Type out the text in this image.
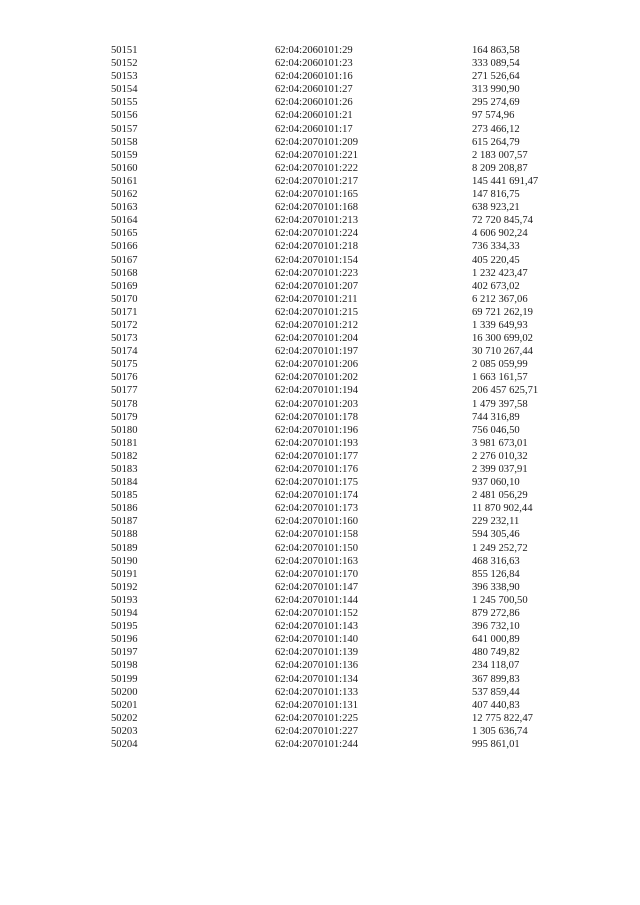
50151	62:04:2060101:29	164 863,58
50152	62:04:2060101:23	333 089,54
50153	62:04:2060101:16	271 526,64
50154	62:04:2060101:27	313 990,90
50155	62:04:2060101:26	295 274,69
50156	62:04:2060101:21	97 574,96
50157	62:04:2060101:17	273 466,12
50158	62:04:2070101:209	615 264,79
50159	62:04:2070101:221	2 183 007,57
50160	62:04:2070101:222	8 209 208,87
50161	62:04:2070101:217	145 441 691,47
50162	62:04:2070101:165	147 816,75
50163	62:04:2070101:168	638 923,21
50164	62:04:2070101:213	72 720 845,74
50165	62:04:2070101:224	4 606 902,24
50166	62:04:2070101:218	736 334,33
50167	62:04:2070101:154	405 220,45
50168	62:04:2070101:223	1 232 423,47
50169	62:04:2070101:207	402 673,02
50170	62:04:2070101:211	6 212 367,06
50171	62:04:2070101:215	69 721 262,19
50172	62:04:2070101:212	1 339 649,93
50173	62:04:2070101:204	16 300 699,02
50174	62:04:2070101:197	30 710 267,44
50175	62:04:2070101:206	2 085 059,99
50176	62:04:2070101:202	1 663 161,57
50177	62:04:2070101:194	206 457 625,71
50178	62:04:2070101:203	1 479 397,58
50179	62:04:2070101:178	744 316,89
50180	62:04:2070101:196	756 046,50
50181	62:04:2070101:193	3 981 673,01
50182	62:04:2070101:177	2 276 010,32
50183	62:04:2070101:176	2 399 037,91
50184	62:04:2070101:175	937 060,10
50185	62:04:2070101:174	2 481 056,29
50186	62:04:2070101:173	11 870 902,44
50187	62:04:2070101:160	229 232,11
50188	62:04:2070101:158	594 305,46
50189	62:04:2070101:150	1 249 252,72
50190	62:04:2070101:163	468 316,63
50191	62:04:2070101:170	855 126,84
50192	62:04:2070101:147	396 338,90
50193	62:04:2070101:144	1 245 700,50
50194	62:04:2070101:152	879 272,86
50195	62:04:2070101:143	396 732,10
50196	62:04:2070101:140	641 000,89
50197	62:04:2070101:139	480 749,82
50198	62:04:2070101:136	234 118,07
50199	62:04:2070101:134	367 899,83
50200	62:04:2070101:133	537 859,44
50201	62:04:2070101:131	407 440,83
50202	62:04:2070101:225	12 775 822,47
50203	62:04:2070101:227	1 305 636,74
50204	62:04:2070101:244	995 861,01
